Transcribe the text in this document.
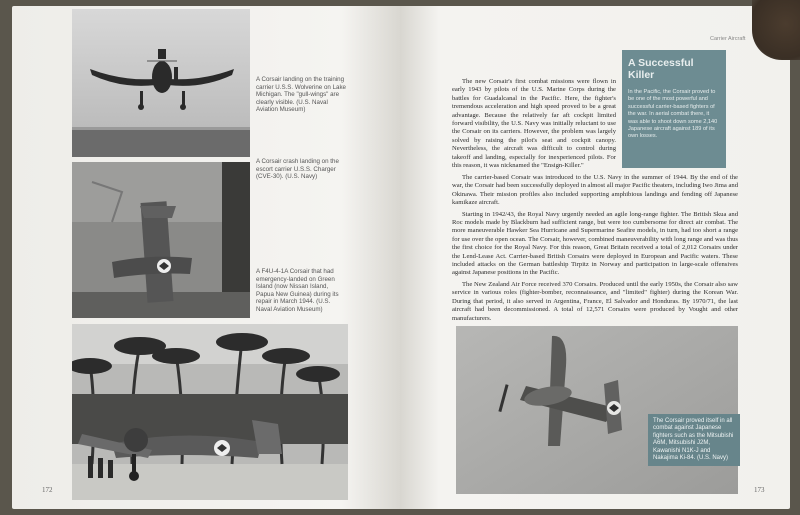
A Corsair landing on the training carrier U.S.S. Wolverine on Lake Michigan. The "gull-wings" are clearly visible. (U.S. Naval Aviation Museum)
A Corsair crash landing on the escort carrier U.S.S. Charger (CVE-30). (U.S. Navy)
A F4U-4-1A Corsair that had emergency-landed on Green Island (now Nissan Island, Papua New Guinea) during its repair in March 1944. (U.S. Naval Aviation Museum)
172
Carrier Aircraft
A Successful Killer
In the Pacific, the Corsair proved to be one of the most powerful and successful carrier-based fighters of the war. In aerial combat there, it was able to shoot down some 2,140 Japanese aircraft against 189 of its own losses.

The new Corsair's first combat missions were flown in early 1943 by pilots of the U.S. Marine Corps during the battles for Guadalcanal in the Pacific. Here, the fighter's tremendous acceleration and high speed proved to be a great advantage. Because the relatively far aft cockpit limited forward visibility, the U.S. Navy was initially reluctant to use the Corsair on its carriers. However, the problem was largely solved by raising the pilot's seat and cockpit canopy. Nevertheless, the aircraft was difficult to control during takeoff and landing, especially for inexperienced pilots. For this reason, it was nicknamed the "Ensign-Killer."

The carrier-based Corsair was introduced to the U.S. Navy in the summer of 1944. By the end of the war, the Corsair had been successfully deployed in almost all major Pacific theaters, including Iwo Jima and Okinawa. Their mission profiles also included supporting amphibious landings and fending off Japanese kamikaze aircraft.

Starting in 1942/43, the Royal Navy urgently needed an agile long-range fighter. The British Skua and Roc models made by Blackburn had sufficient range, but were too cumbersome for direct air combat. The more maneuverable Hawker Sea Hurricane and Supermarine Seafire models, in turn, had too short a range for use over the open ocean. The Corsair, however, combined maneuverability with long range and was thus the first choice for the Royal Navy. For this reason, Great Britain received a total of 2,012 Corsairs under the Lend-Lease Act. Carrier-based British Corsairs were deployed in European and Pacific waters. These included attacks on the German battleship Tirpitz in Norway and participation in large-scale offensives against Japanese positions in the Pacific.

The New Zealand Air Force received 370 Corsairs. Produced until the early 1950s, the Corsair also saw service in various roles (fighter-bomber, reconnaissance, and "limited" fighter) during the Korean War. During that period, it also served in Argentina, France, El Salvador and Honduras. By 1970/71, the last aircraft had been decommissioned. A total of 12,571 Corsairs were produced by Vought and other manufacturers.

The Corsair proved itself in all combat against Japanese fighters such as the Mitsubishi A6M, Mitsubishi J2M, Kawanishi N1K-J and Nakajima Ki-84. (U.S. Navy)
173
